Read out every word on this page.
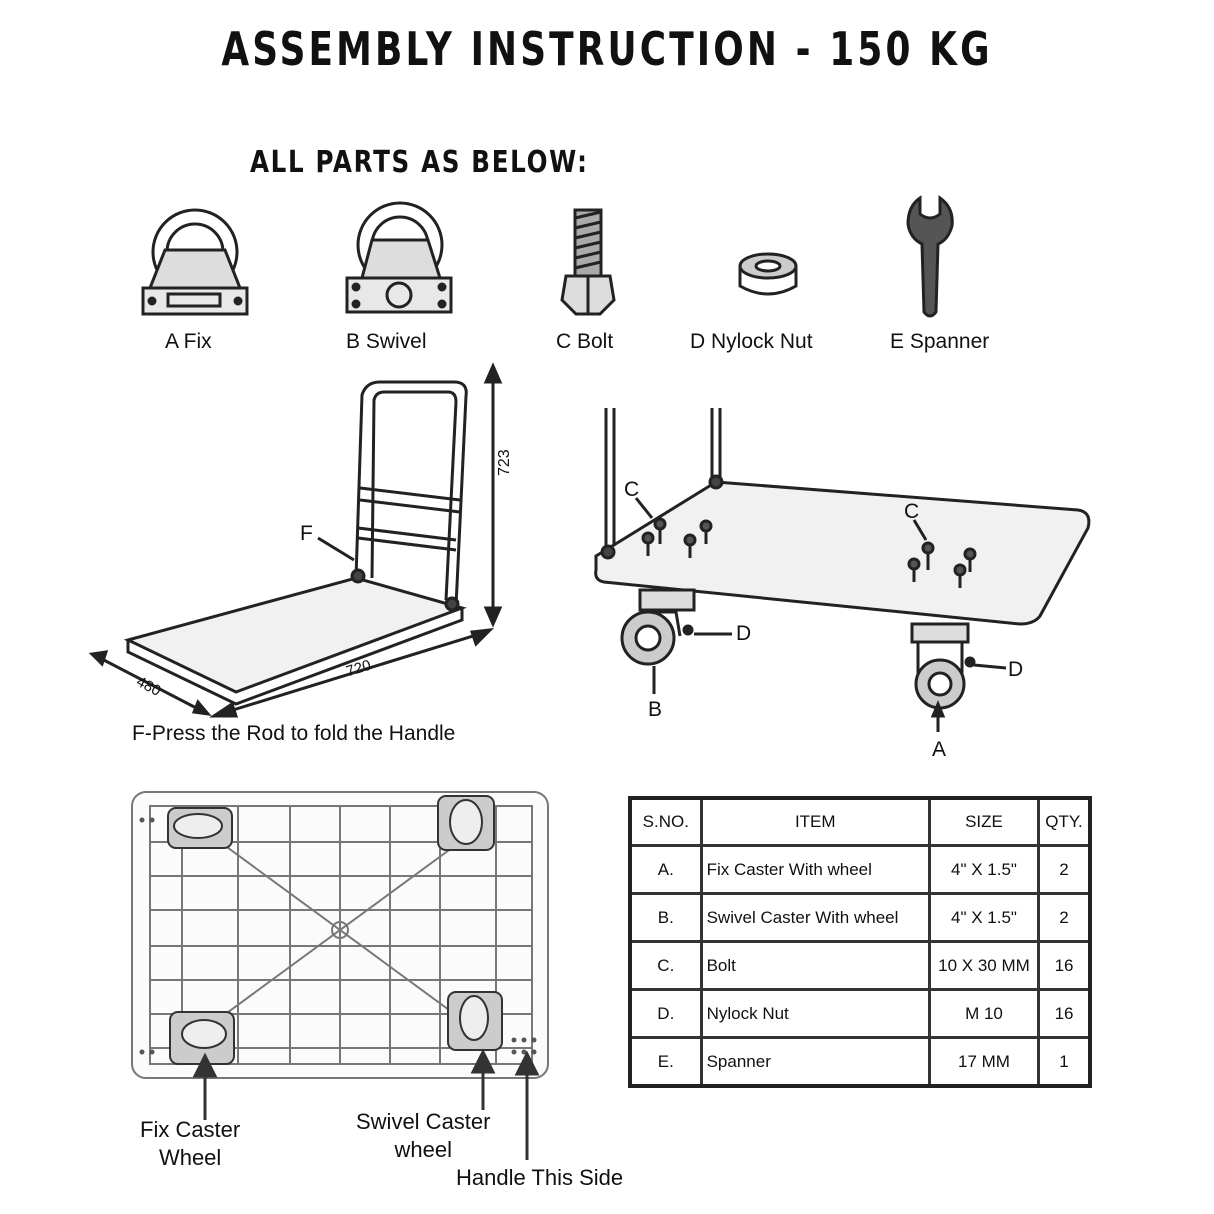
ASSEMBLY INSTRUCTION - 150 KG
ALL PARTS AS BELOW:
A Fix	B Swivel	C Bolt	D Nylock Nut	E Spanner
723
720
480
F
F-Press the Rod to fold the Handle
C
C
D
D
B
A
Fix Caster
Wheel
Swivel Caster
wheel
Handle This Side
S.NO.	ITEM	SIZE	QTY.
A.	Fix Caster With wheel	4" X 1.5"	2
B.	Swivel Caster With wheel	4" X 1.5"	2
C.	Bolt	10 X 30 MM	16
D.	Nylock Nut	M 10	16
E.	Spanner	17 MM	1
